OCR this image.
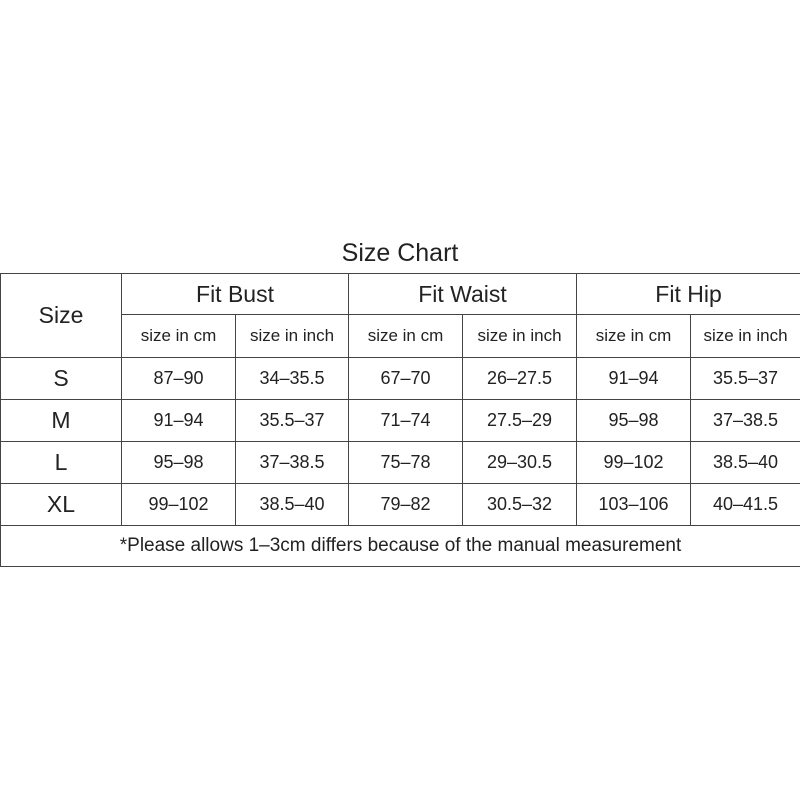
Size Chart
Size	Fit Bust		Fit Waist		Fit Hip	
	size in cm	size in inch	size in cm	size in inch	size in cm	size in inch
S	87–90	34–35.5	67–70	26–27.5	91–94	35.5–37
M	91–94	35.5–37	71–74	27.5–29	95–98	37–38.5
L	95–98	37–38.5	75–78	29–30.5	99–102	38.5–40
XL	99–102	38.5–40	79–82	30.5–32	103–106	40–41.5
*Please allows 1–3cm differs because of the manual measurement						
